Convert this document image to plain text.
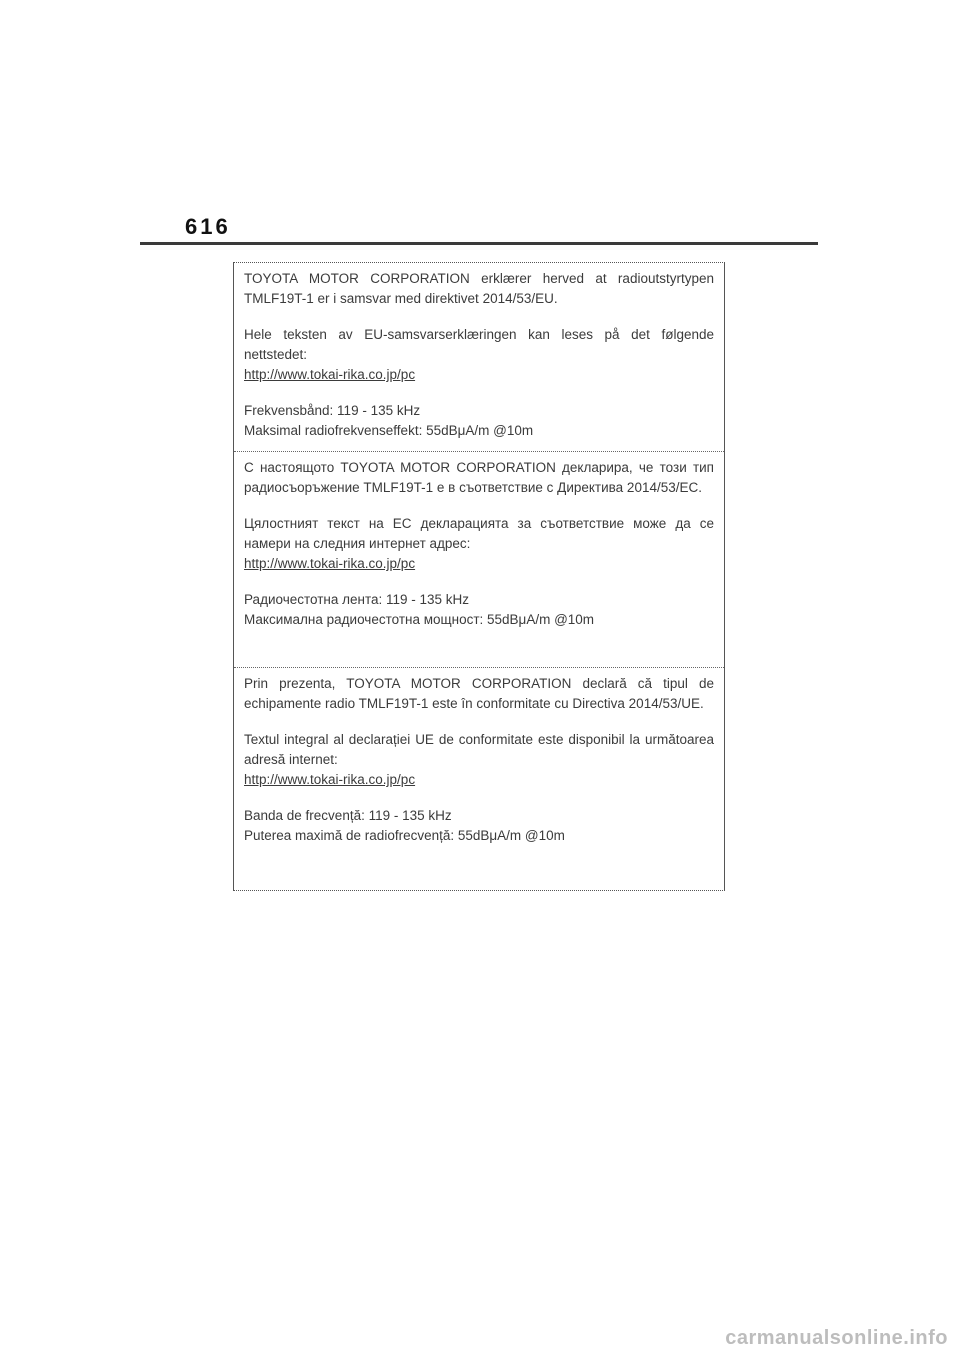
616

TOYOTA MOTOR CORPORATION erklærer herved at radioutstyrtypen TMLF19T-1 er i samsvar med direktivet 2014/53/EU.

Hele teksten av EU-samsvarserklæringen kan leses på det følgende nettstedet:

http://www.tokai-rika.co.jp/pc

Frekvensbånd: 119 - 135 kHz

Maksimal radiofrekvenseffekt: 55dBμA/m @10m

С настоящото TOYOTA MOTOR CORPORATION декларира, че този тип радиосъоръжение TMLF19T-1 е в съответствие с Директива 2014/53/ЕС.

Цялостният текст на ЕС декларацията за съответствие може да се намери на следния интернет адрес:

http://www.tokai-rika.co.jp/pc

Радиочестотна лента: 119 - 135 kHz

Максимална радиочестотна мощност: 55dBμA/m @10m

Prin prezenta, TOYOTA MOTOR CORPORATION declară că tipul de echipamente radio TMLF19T-1 este în conformitate cu Directiva 2014/53/UE.

Textul integral al declarației UE de conformitate este disponibil la următoarea adresă internet:

http://www.tokai-rika.co.jp/pc

Banda de frecvență: 119 - 135 kHz

Puterea maximă de radiofrecvență: 55dBμA/m @10m

carmanualsonline.info
